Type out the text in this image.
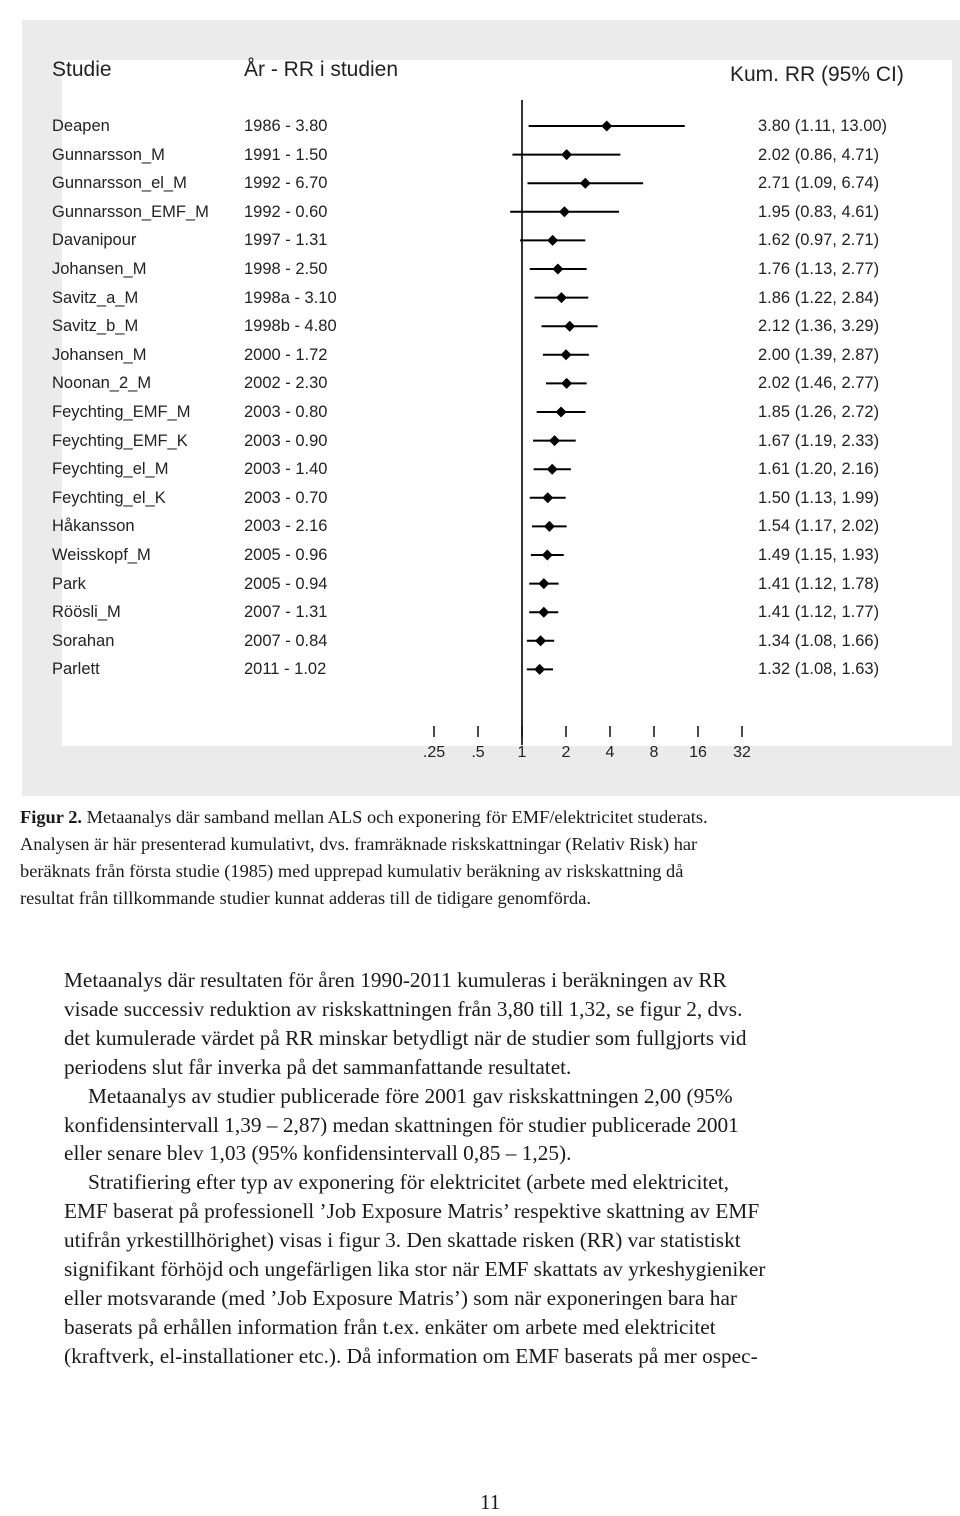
Studie	År - RR i studien	Kum. RR (95% CI)
Deapen	1986 - 3.80	3.80 (1.11, 13.00)
Gunnarsson_M	1991 - 1.50	2.02 (0.86, 4.71)
Gunnarsson_el_M	1992 - 6.70	2.71 (1.09, 6.74)
Gunnarsson_EMF_M 1992 - 0.60	1.95 (0.83, 4.61)
Davanipour	1997 - 1.31	1.62 (0.97, 2.71)
Johansen_M	1998 - 2.50	1.76 (1.13, 2.77)
Savitz_a_M	1998a - 3.10	1.86 (1.22, 2.84)
Savitz_b_M	1998b - 4.80	2.12 (1.36, 3.29)
Johansen_M	2000 - 1.72	2.00 (1.39, 2.87)
Noonan_2_M	2002 - 2.30	2.02 (1.46, 2.77)
Feychting_EMF_M	2003 - 0.80	1.85 (1.26, 2.72)
Feychting_EMF_K	2003 - 0.90	1.67 (1.19, 2.33)
Feychting_el_M	2003 - 1.40	1.61 (1.20, 2.16)
Feychting_el_K	2003 - 0.70	1.50 (1.13, 1.99)
Håkansson	2003 - 2.16	1.54 (1.17, 2.02)
Weisskopf_M	2005 - 0.96	1.49 (1.15, 1.93)
Park	2005 - 0.94	1.41 (1.12, 1.78)
Röösli_M	2007 - 1.31	1.41 (1.12, 1.77)
Sorahan	2007 - 0.84	1.34 (1.08, 1.66)
Parlett	2011 - 1.02	1.32 (1.08, 1.63)
.25 .5 1 2 4 8 16 32
Figur 2. Metaanalys där samband mellan ALS och exponering för EMF/elektricitet studerats.
Analysen är här presenterad kumulativt, dvs. framräknade riskskattningar (Relativ Risk) har
beräknats från första studie (1985) med upprepad kumulativ beräkning av riskskattning då
resultat från tillkommande studier kunnat adderas till de tidigare genomförda.

Metaanalys där resultaten för åren 1990-2011 kumuleras i beräkningen av RR
visade successiv reduktion av riskskattningen från 3,80 till 1,32, se figur 2, dvs.
det kumulerade värdet på RR minskar betydligt när de studier som fullgjorts vid
periodens slut får inverka på det sammanfattande resultatet.

Metaanalys av studier publicerade före 2001 gav riskskattningen 2,00 (95%
konfidensintervall 1,39 – 2,87) medan skattningen för studier publicerade 2001
eller senare blev 1,03 (95% konfidensintervall 0,85 – 1,25).

Stratifiering efter typ av exponering för elektricitet (arbete med elektricitet,
EMF baserat på professionell ’Job Exposure Matris’ respektive skattning av EMF
utifrån yrkestillhörighet) visas i figur 3. Den skattade risken (RR) var statistiskt
signifikant förhöjd och ungefärligen lika stor när EMF skattats av yrkeshygieniker
eller motsvarande (med ’Job Exposure Matris’) som när exponeringen bara har
baserats på erhållen information från t.ex. enkäter om arbete med elektricitet
(kraftverk, el-installationer etc.). Då information om EMF baserats på mer ospec-

11
